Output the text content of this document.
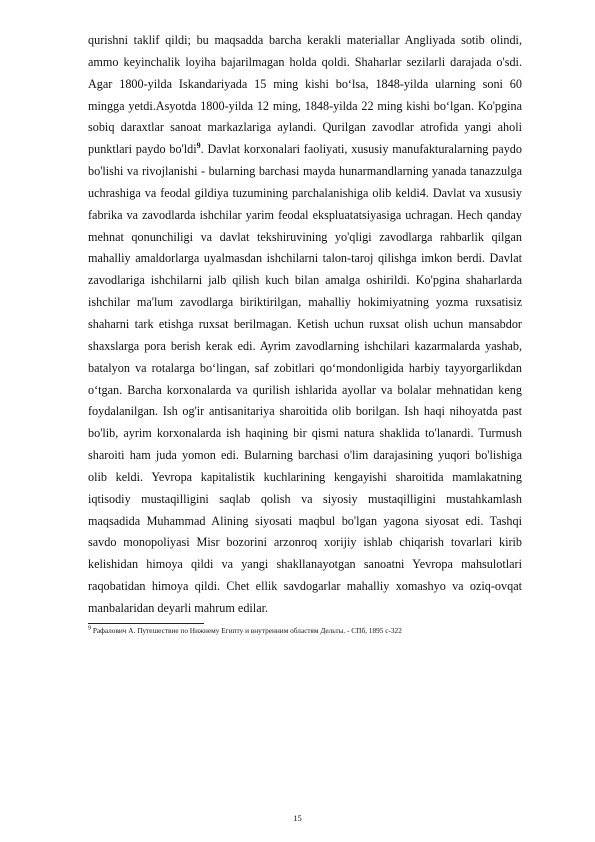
qurishni taklif qildi; bu maqsadda barcha kerakli materiallar Angliyada sotib olindi, ammo keyinchalik loyiha bajarilmagan holda qoldi. Shaharlar sezilarli darajada o'sdi. Agar 1800-yilda Iskandariyada 15 ming kishi bo‘lsa, 1848-yilda ularning soni 60 mingga yetdi.Asyotda 1800-yilda 12 ming, 1848-yilda 22 ming kishi bo‘lgan. Ko'pgina sobiq daraxtlar sanoat markazlariga aylandi. Qurilgan zavodlar atrofida yangi aholi punktlari paydo bo'ldi$^9$. Davlat korxonalari faoliyati, xususiy manufakturalarning paydo bo'lishi va rivojlanishi - bularning barchasi mayda hunarmandlarning yanada tanazzulga uchrashiga va feodal gildiya tuzumining parchalanishiga olib keldi4. Davlat va xususiy fabrika va zavodlarda ishchilar yarim feodal ekspluatatsiyasiga uchragan. Hech qanday mehnat qonunchiligi va davlat tekshiruvining yo'qligi zavodlarga rahbarlik qilgan mahalliy amaldorlarga uyalmasdan ishchilarni talon-taroj qilishga imkon berdi. Davlat zavodlariga ishchilarni jalb qilish kuch bilan amalga oshirildi. Ko'pgina shaharlarda ishchilar ma'lum zavodlarga biriktirilgan, mahalliy hokimiyatning yozma ruxsatisiz shaharni tark etishga ruxsat berilmagan. Ketish uchun ruxsat olish uchun mansabdor shaxslarga pora berish kerak edi. Ayrim zavodlarning ishchilari kazarmalarda yashab, batalyon va rotalarga bo‘lingan, saf zobitlari qo‘mondonligida harbiy tayyorgarlikdan o‘tgan. Barcha korxonalarda va qurilish ishlarida ayollar va bolalar mehnatidan keng foydalanilgan. Ish og'ir antisanitariya sharoitida olib borilgan. Ish haqi nihoyatda past bo'lib, ayrim korxonalarda ish haqining bir qismi natura shaklida to'lanardi. Turmush sharoiti ham juda yomon edi. Bularning barchasi o'lim darajasining yuqori bo'lishiga olib keldi. Yevropa kapitalistik kuchlarining kengayishi sharoitida mamlakatning iqtisodiy mustaqilligini saqlab qolish va siyosiy mustaqilligini mustahkamlash maqsadida Muhammad Alining siyosati maqbul bo'lgan yagona siyosat edi. Tashqi savdo monopoliyasi Misr bozorini arzonroq xorijiy ishlab chiqarish tovarlari kirib kelishidan himoya qildi va yangi shakllanayotgan sanoatni Yevropa mahsulotlari raqobatidan himoya qildi. Chet ellik savdogarlar mahalliy xomashyo va oziq-ovqat manbalaridan deyarli mahrum edilar.

$^9$ Рафалович А. Путешествие по Нижнему Египту и внутренним областям Дельты. - СПб, 1895 с-322

15
